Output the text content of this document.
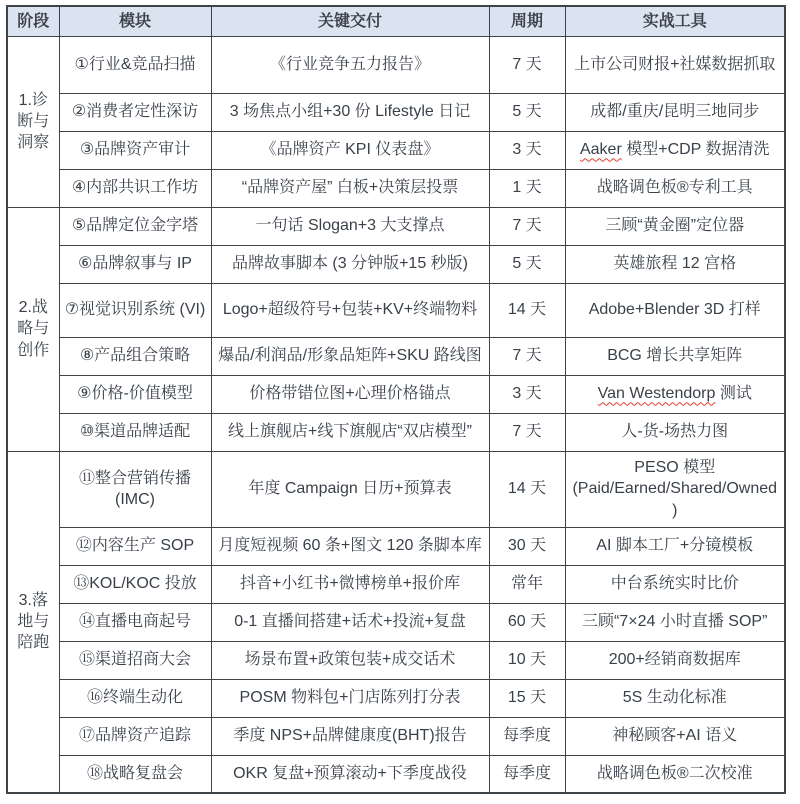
阶段	模块	关键交付	周期	实战工具
1.诊断与洞察	①行业&竞品扫描	《行业竞争五力报告》	7 天	上市公司财报+社媒数据抓取
	②消费者定性深访	3 场焦点小组+30 份 Lifestyle 日记	5 天	成都/重庆/昆明三地同步
	③品牌资产审计	《品牌资产 KPI 仪表盘》	3 天	Aaker 模型+CDP 数据清洗
	④内部共识工作坊	“品牌资产屋” 白板+决策层投票	1 天	战略调色板®专利工具
2.战略与创作	⑤品牌定位金字塔	一句话 Slogan+3 大支撑点	7 天	三顾“黄金圈”定位器
	⑥品牌叙事与 IP	品牌故事脚本 (3 分钟版+15 秒版)	5 天	英雄旅程 12 宫格
	⑦视觉识别系统 (VI)	Logo+超级符号+包装+KV+终端物料	14 天	Adobe+Blender 3D 打样
	⑧产品组合策略	爆品/利润品/形象品矩阵+SKU 路线图	7 天	BCG 增长共享矩阵
	⑨价格-价值模型	价格带错位图+心理价格锚点	3 天	Van Westendorp 测试
	⑩渠道品牌适配	线上旗舰店+线下旗舰店“双店模型”	7 天	人-货-场热力图
3.落地与陪跑	⑪整合营销传播 (IMC)	年度 Campaign 日历+预算表	14 天	PESO 模型 (Paid/Earned/Shared/Owned)
	⑫内容生产 SOP	月度短视频 60 条+图文 120 条脚本库	30 天	AI 脚本工厂+分镜模板
	⑬KOL/KOC 投放	抖音+小红书+微博榜单+报价库	常年	中台系统实时比价
	⑭直播电商起号	0-1 直播间搭建+话术+投流+复盘	60 天	三顾“7×24 小时直播 SOP”
	⑮渠道招商大会	场景布置+政策包装+成交话术	10 天	200+经销商数据库
	⑯终端生动化	POSM 物料包+门店陈列打分表	15 天	5S 生动化标准
	⑰品牌资产追踪	季度 NPS+品牌健康度(BHT)报告	每季度	神秘顾客+AI 语义
	⑱战略复盘会	OKR 复盘+预算滚动+下季度战役	每季度	战略调色板®二次校准
